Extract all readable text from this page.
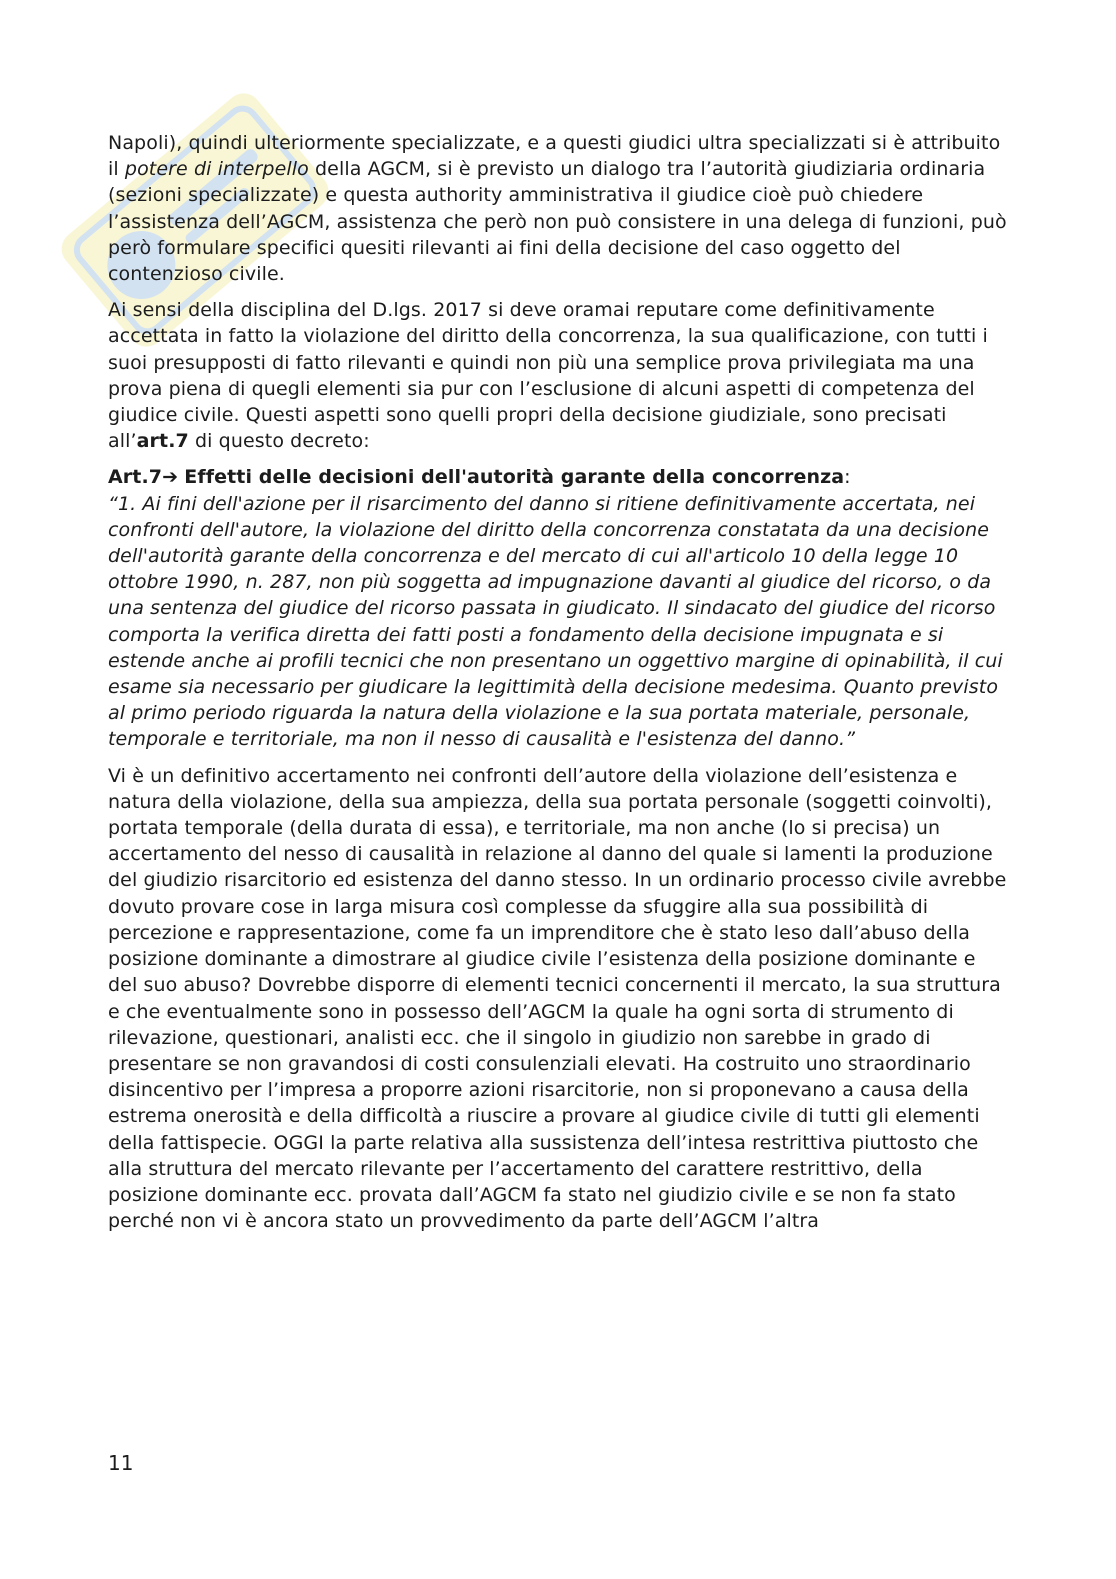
Napoli), quindi ulteriormente specializzate, e a questi giudici ultra specializzati si è attribuito il potere di interpello della AGCM, si è previsto un dialogo tra l’autorità giudiziaria ordinaria (sezioni specializzate) e questa authority amministrativa il giudice cioè può chiedere l’assistenza dell’AGCM, assistenza che però non può consistere in una delega di funzioni, può però formulare specifici quesiti rilevanti ai fini della decisione del caso oggetto del contenzioso civile.

Ai sensi della disciplina del D.lgs. 2017 si deve oramai reputare come definitivamente accettata in fatto la violazione del diritto della concorrenza, la sua qualificazione, con tutti i suoi presupposti di fatto rilevanti e quindi non più una semplice prova privilegiata ma una prova piena di quegli elementi sia pur con l’esclusione di alcuni aspetti di competenza del giudice civile. Questi aspetti sono quelli propri della decisione giudiziale, sono precisati all’art.7 di questo decreto:

Art.7➔ Effetti delle decisioni dell'autorità garante della concorrenza:
“1. Ai fini dell'azione per il risarcimento del danno si ritiene definitivamente accertata, nei confronti dell'autore, la violazione del diritto della concorrenza constatata da una decisione dell'autorità garante della concorrenza e del mercato di cui all'articolo 10 della legge 10 ottobre 1990, n. 287, non più soggetta ad impugnazione davanti al giudice del ricorso, o da una sentenza del giudice del ricorso passata in giudicato. Il sindacato del giudice del ricorso comporta la verifica diretta dei fatti posti a fondamento della decisione impugnata e si estende anche ai profili tecnici che non presentano un oggettivo margine di opinabilità, il cui esame sia necessario per giudicare la legittimità della decisione medesima. Quanto previsto al primo periodo riguarda la natura della violazione e la sua portata materiale, personale, temporale e territoriale, ma non il nesso di causalità e l'esistenza del danno.”

Vi è un definitivo accertamento nei confronti dell’autore della violazione dell’esistenza e natura della violazione, della sua ampiezza, della sua portata personale (soggetti coinvolti), portata temporale (della durata di essa), e territoriale, ma non anche (lo si precisa) un accertamento del nesso di causalità in relazione al danno del quale si lamenti la produzione del giudizio risarcitorio ed esistenza del danno stesso. In un ordinario processo civile avrebbe dovuto provare cose in larga misura così complesse da sfuggire alla sua possibilità di percezione e rappresentazione, come fa un imprenditore che è stato leso dall’abuso della posizione dominante a dimostrare al giudice civile l’esistenza della posizione dominante e del suo abuso? Dovrebbe disporre di elementi tecnici concernenti il mercato, la sua struttura e che eventualmente sono in possesso dell’AGCM la quale ha ogni sorta di strumento di rilevazione, questionari, analisti ecc. che il singolo in giudizio non sarebbe in grado di presentare se non gravandosi di costi consulenziali elevati. Ha costruito uno straordinario disincentivo per l’impresa a proporre azioni risarcitorie, non si proponevano a causa della estrema onerosità e della difficoltà a riuscire a provare al giudice civile di tutti gli elementi della fattispecie. OGGI la parte relativa alla sussistenza dell’intesa restrittiva piuttosto che alla struttura del mercato rilevante per l’accertamento del carattere restrittivo, della posizione dominante ecc. provata dall’AGCM fa stato nel giudizio civile e se non fa stato perché non vi è ancora stato un provvedimento da parte dell’AGCM l’altra

11
